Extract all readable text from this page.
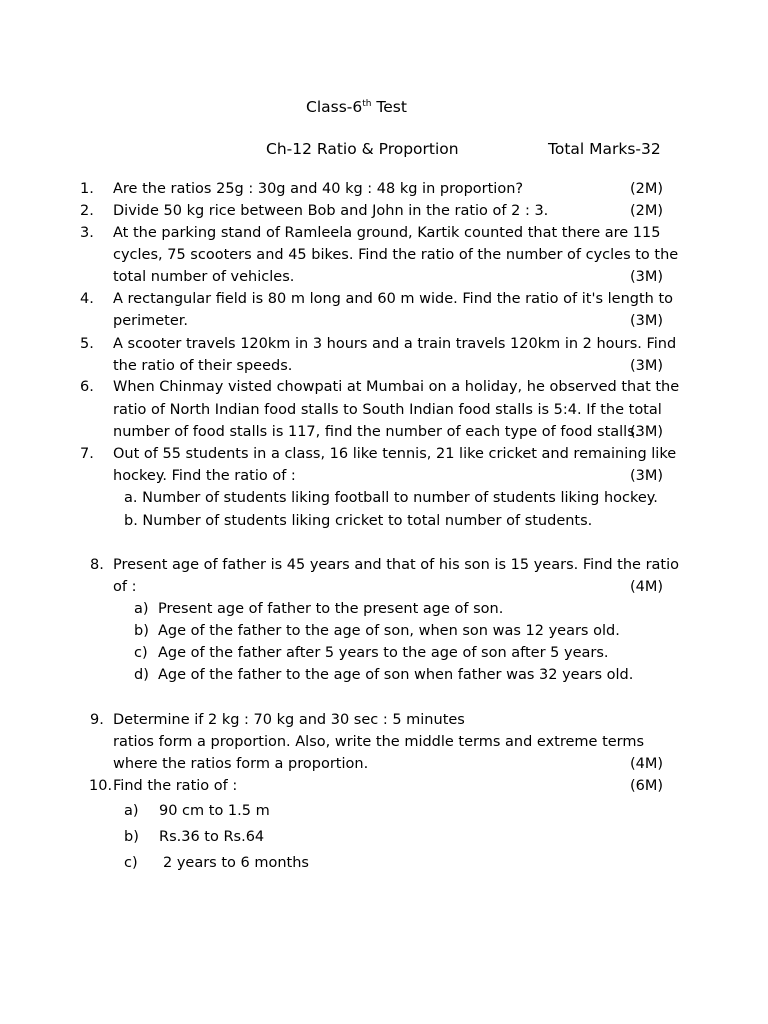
Class-6th Test
Ch-12 Ratio & Proportion	Total Marks-32
1. Are the ratios 25g : 30g and 40 kg : 48 kg in proportion?	(2M)
2. Divide 50 kg rice between Bob and John in the ratio of 2 : 3.	(2M)
3. At the parking stand of Ramleela ground, Kartik counted that there are 115
cycles, 75 scooters and 45 bikes. Find the ratio of the number of cycles to the
total number of vehicles.	(3M)
4. A rectangular field is 80 m long and 60 m wide. Find the ratio of it's length to
perimeter.	(3M)
5. A scooter travels 120km in 3 hours and a train travels 120km in 2 hours. Find
the ratio of their speeds.	(3M)
6. When Chinmay visted chowpati at Mumbai on a holiday, he observed that the
ratio of North Indian food stalls to South Indian food stalls is 5:4. If the total
number of food stalls is 117, find the number of each type of food stalls.
(3M)
7. Out of 55 students in a class, 16 like tennis, 21 like cricket and remaining like
hockey. Find the ratio of :	(3M)
a. Number of students liking football to number of students liking hockey.
b. Number of students liking cricket to total number of students.
8. Present age of father is 45 years and that of his son is 15 years. Find the ratio
of :	(4M)
a) Present age of father to the present age of son.
b) Age of the father to the age of son, when son was 12 years old.
c) Age of the father after 5 years to the age of son after 5 years.
d) Age of the father to the age of son when father was 32 years old.
9. Determine if 2 kg : 70 kg and 30 sec : 5 minutes
ratios form a proportion. Also, write the middle terms and extreme terms
where the ratios form a proportion.	(4M)
10. Find the ratio of :	(6M)
a) 90 cm to 1.5 m
b) Rs.36 to Rs.64
c) 2 years to 6 months
